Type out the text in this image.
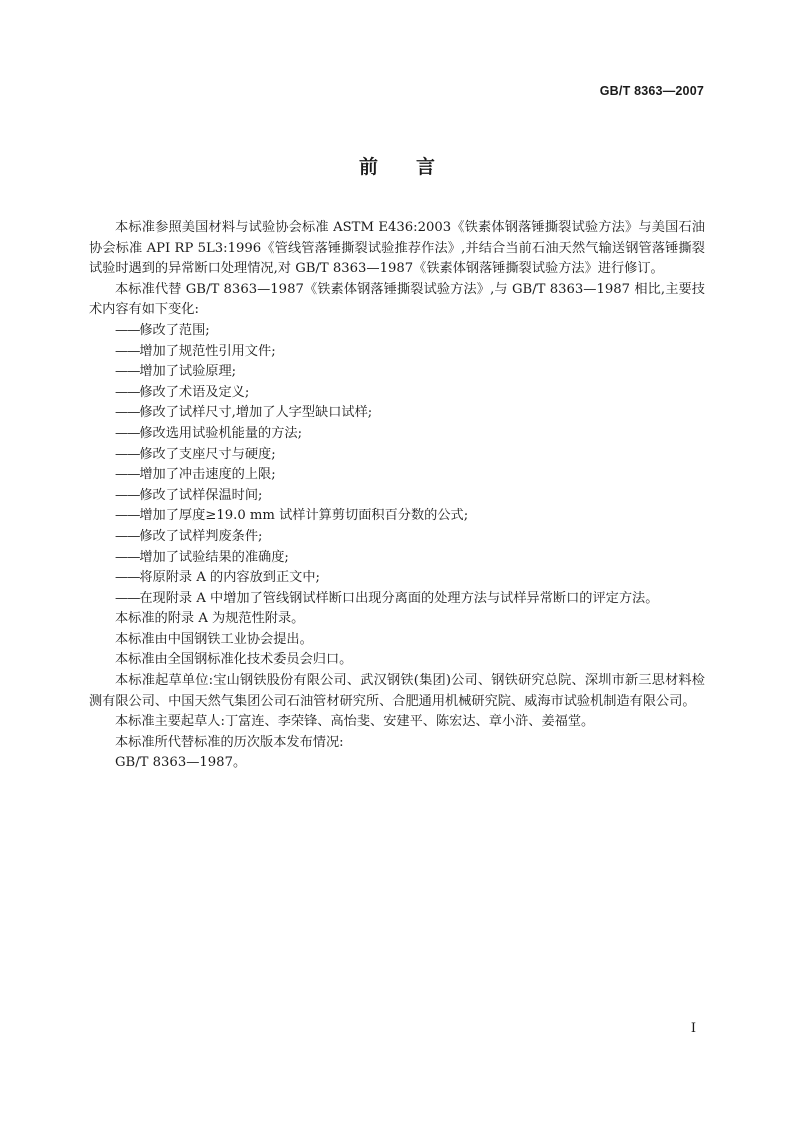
GB/T 8363—2007
前言

本标准参照美国材料与试验协会标准 ASTM E436:2003《铁素体钢落锤撕裂试验方法》与美国石油协会标准 API RP 5L3:1996《管线管落锤撕裂试验推荐作法》,并结合当前石油天然气输送钢管落锤撕裂试验时遇到的异常断口处理情况,对 GB/T 8363—1987《铁素体钢落锤撕裂试验方法》进行修订。

本标准代替 GB/T 8363—1987《铁素体钢落锤撕裂试验方法》,与 GB/T 8363—1987 相比,主要技术内容有如下变化:

——修改了范围;

——增加了规范性引用文件;

——增加了试验原理;

——修改了术语及定义;

——修改了试样尺寸,增加了人字型缺口试样;

——修改选用试验机能量的方法;

——修改了支座尺寸与硬度;

——增加了冲击速度的上限;

——修改了试样保温时间;

——增加了厚度≥19.0 mm 试样计算剪切面积百分数的公式;

——修改了试样判废条件;

——增加了试验结果的准确度;

——将原附录 A 的内容放到正文中;

——在现附录 A 中增加了管线钢试样断口出现分离面的处理方法与试样异常断口的评定方法。

本标准的附录 A 为规范性附录。

本标准由中国钢铁工业协会提出。

本标准由全国钢标准化技术委员会归口。

本标准起草单位:宝山钢铁股份有限公司、武汉钢铁(集团)公司、钢铁研究总院、深圳市新三思材料检测有限公司、中国天然气集团公司石油管材研究所、合肥通用机械研究院、威海市试验机制造有限公司。

本标准主要起草人:丁富连、李荣锋、高怡斐、安建平、陈宏达、章小浒、姜福堂。

本标准所代替标准的历次版本发布情况:

GB/T 8363—1987。

I
